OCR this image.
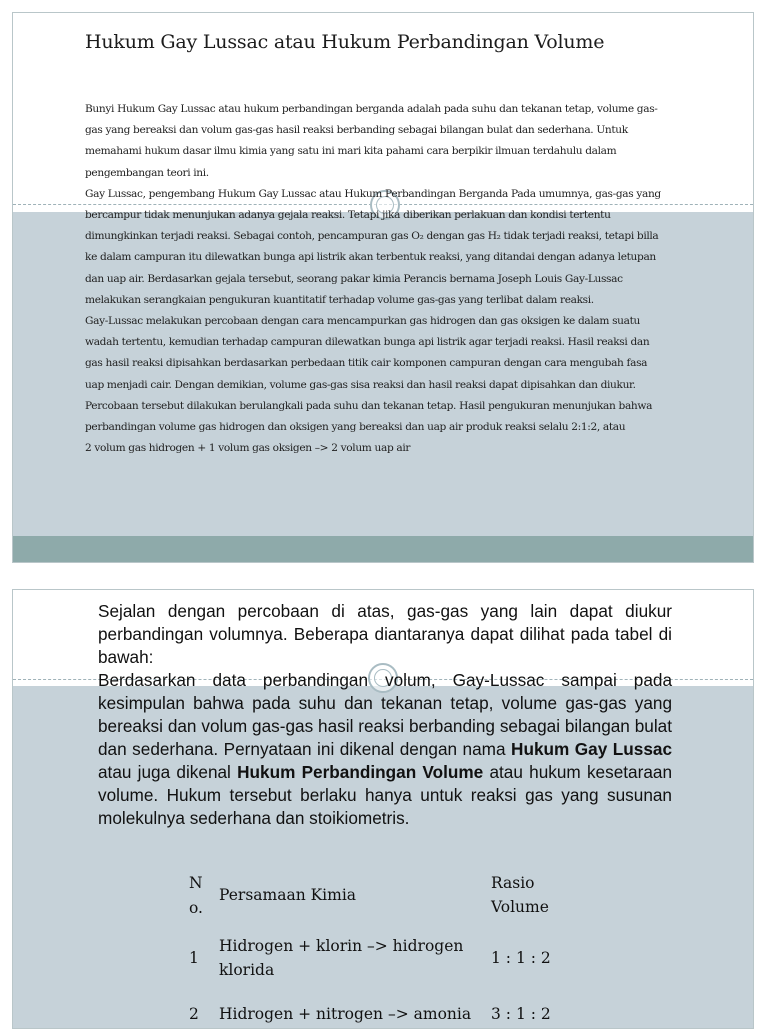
Hukum Gay Lussac atau Hukum Perbandingan Volume

Bunyi Hukum Gay Lussac atau hukum perbandingan berganda adalah pada suhu dan tekanan tetap, volume gas-

gas yang bereaksi dan volum gas-gas hasil reaksi berbanding sebagai bilangan bulat dan sederhana. Untuk

memahami hukum dasar ilmu kimia yang satu ini mari kita pahami cara berpikir ilmuan terdahulu dalam

pengembangan teori ini.

Gay Lussac, pengembang Hukum Gay Lussac atau Hukum Perbandingan Berganda Pada umumnya, gas-gas yang

bercampur tidak menunjukan adanya gejala reaksi. Tetapi jika diberikan perlakuan dan kondisi tertentu

dimungkinkan terjadi reaksi. Sebagai contoh, pencampuran gas O₂ dengan gas H₂ tidak terjadi reaksi, tetapi billa

ke dalam campuran itu dilewatkan bunga api listrik akan terbentuk reaksi, yang ditandai dengan adanya letupan

dan uap air. Berdasarkan gejala tersebut, seorang pakar kimia Perancis bernama Joseph Louis Gay-Lussac

melakukan serangkaian pengukuran kuantitatif terhadap volume gas-gas yang terlibat dalam reaksi.

Gay-Lussac melakukan percobaan dengan cara mencampurkan gas hidrogen dan gas oksigen ke dalam suatu

wadah tertentu, kemudian terhadap campuran dilewatkan bunga api listrik agar terjadi reaksi. Hasil reaksi dan

gas hasil reaksi dipisahkan berdasarkan perbedaan titik cair komponen campuran dengan cara mengubah fasa

uap menjadi cair. Dengan demikian, volume gas-gas sisa reaksi dan hasil reaksi dapat dipisahkan dan diukur.

Percobaan tersebut dilakukan berulangkali pada suhu dan tekanan tetap. Hasil pengukuran menunjukan bahwa

perbandingan volume gas hidrogen dan oksigen yang bereaksi dan uap air produk reaksi selalu 2:1:2, atau

2 volum gas hidrogen + 1 volum gas oksigen –> 2 volum uap air

Sejalan dengan percobaan di atas, gas-gas yang lain dapat diukur perbandingan volumnya. Beberapa diantaranya dapat dilihat pada tabel di bawah:

Berdasarkan data perbandingan volum, Gay-Lussac sampai pada kesimpulan bahwa pada suhu dan tekanan tetap, volume gas-gas yang bereaksi dan volum gas-gas hasil reaksi berbanding sebagai bilangan bulat dan sederhana. Pernyataan ini dikenal dengan nama Hukum Gay Lussac atau juga dikenal Hukum Perbandingan Volume atau hukum kesetaraan volume. Hukum tersebut berlaku hanya untuk reaksi gas yang susunan molekulnya sederhana dan stoikiometris.

No.	Persamaan Kimia	Rasio Volume
1	Hidrogen + klorin –> hidrogen klorida	1 : 1 : 2
2	Hidrogen + nitrogen –> amonia	3 : 1 : 2
